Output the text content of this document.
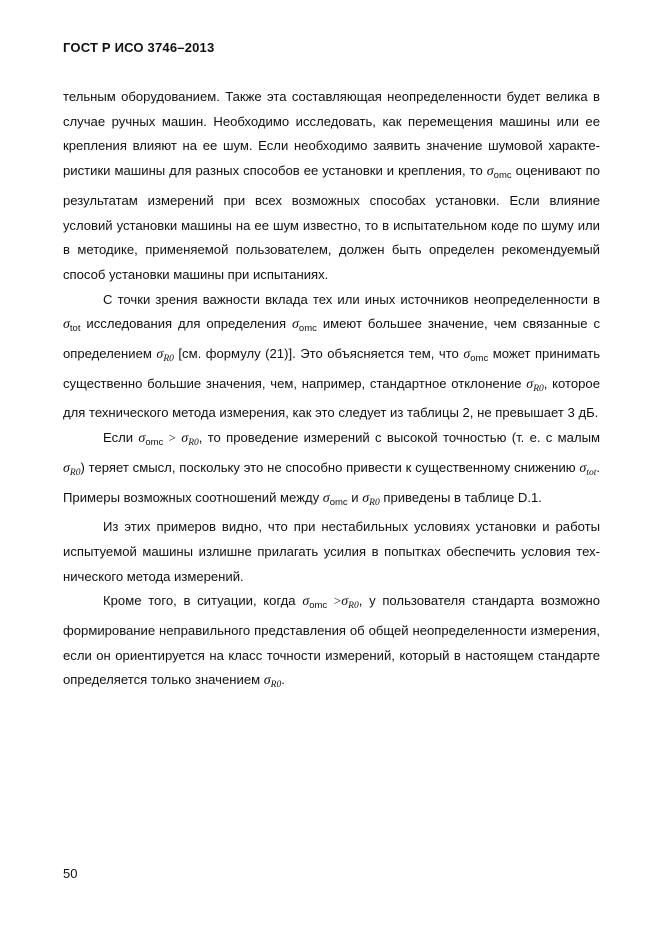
ГОСТ Р ИСО 3746–2013

тельным оборудованием. Также эта составляющая неопределенности будет велика в случае ручных машин. Необходимо исследовать, как перемещения машины или ее крепления влияют на ее шум. Если необходимо заявить значение шумовой характеристики машины для разных способов ее установки и крепления, то $\sigma_{omc}$ оценивают по результатам измерений при всех возможных способах установки. Если влияние условий установки машины на ее шум известно, то в испытательном коде по шуму или в методике, применяемой пользователем, должен быть определен рекомендуемый способ установки машины при испытаниях.

С точки зрения важности вклада тех или иных источников неопределенности в $\sigma_{tot}$ исследования для определения $\sigma_{omc}$ имеют большее значение, чем связанные с определением $\sigma_{R0}$ [см. формулу (21)]. Это объясняется тем, что $\sigma_{omc}$ может принимать существенно большие значения, чем, например, стандартное отклонение $\sigma_{R0}$, которое для технического метода измерения, как это следует из таблицы 2, не превышает 3 дБ.

Если $\sigma_{omc} > \sigma_{R0}$, то проведение измерений с высокой точностью (т. е. с малым $\sigma_{R0}$) теряет смысл, поскольку это не способно привести к существенному снижению $\sigma_{tot}$. Примеры возможных соотношений между $\sigma_{omc}$ и $\sigma_{R0}$ приведены в таблице D.1.

Из этих примеров видно, что при нестабильных условиях установки и работы испытуемой машины излишне прилагать усилия в попытках обеспечить условия технического метода измерений.

Кроме того, в ситуации, когда $\sigma_{omc} >\sigma_{R0}$, у пользователя стандарта возможно формирование неправильного представления об общей неопределенности измерения, если он ориентируется на класс точности измерений, который в настоящем стандарте определяется только значением $\sigma_{R0}$.

50
